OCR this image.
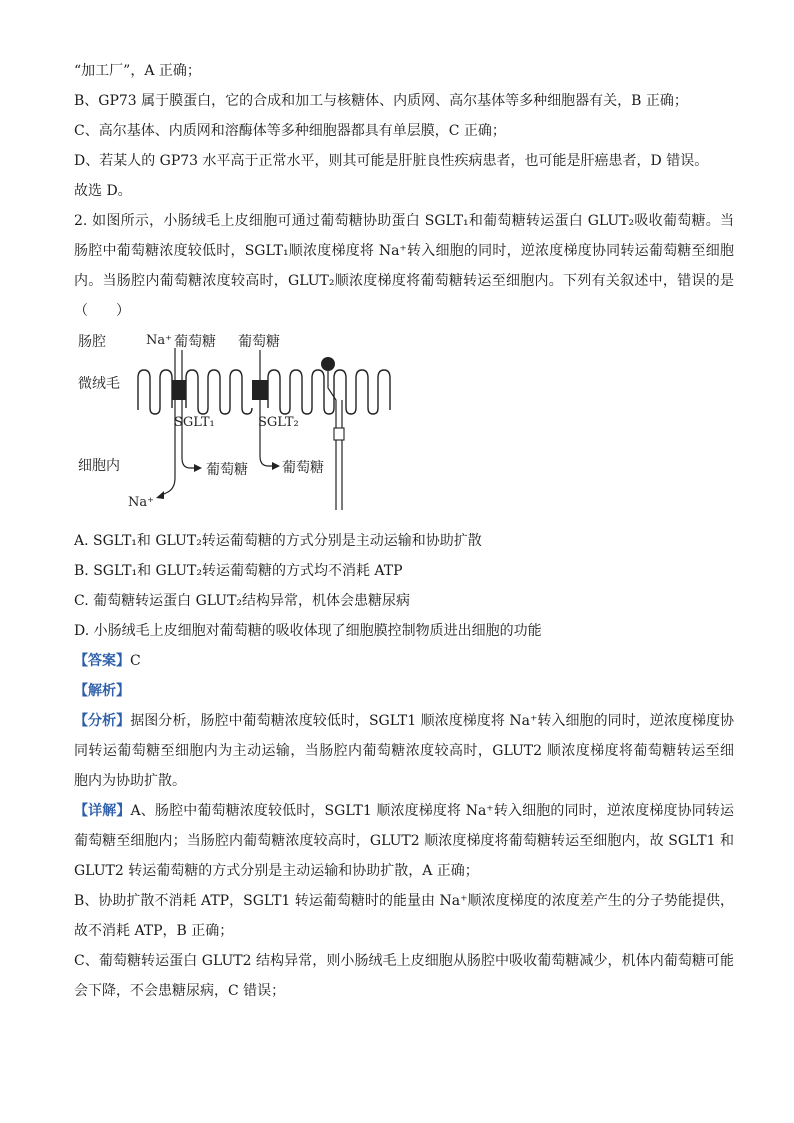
“加工厂”，A 正确；
B、GP73 属于膜蛋白，它的合成和加工与核糖体、内质网、高尔基体等多种细胞器有关，B 正确；
C、高尔基体、内质网和溶酶体等多种细胞器都具有单层膜，C 正确；
D、若某人的 GP73 水平高于正常水平，则其可能是肝脏良性疾病患者，也可能是肝癌患者，D 错误。
故选 D。
2. 如图所示，小肠绒毛上皮细胞可通过葡萄糖协助蛋白 SGLT₁和葡萄糖转运蛋白 GLUT₂吸收葡萄糖。当
肠腔中葡萄糖浓度较低时，SGLT₁顺浓度梯度将 Na⁺转入细胞的同时，逆浓度梯度协同转运葡萄糖至细胞
内。当肠腔内葡萄糖浓度较高时，GLUT₂顺浓度梯度将葡萄糖转运至细胞内。下列有关叙述中，错误的是
（　　）
肠腔
微绒毛
细胞内
Na⁺ 葡萄糖 葡萄糖
SGLT₁	SGLT₂
葡萄糖 葡萄糖
Na⁺
A. SGLT₁和 GLUT₂转运葡萄糖的方式分别是主动运输和协助扩散
B. SGLT₁和 GLUT₂转运葡萄糖的方式均不消耗 ATP
C. 葡萄糖转运蛋白 GLUT₂结构异常，机体会患糖尿病
D. 小肠绒毛上皮细胞对葡萄糖的吸收体现了细胞膜控制物质进出细胞的功能
【答案】C
【解析】
【分析】据图分析，肠腔中葡萄糖浓度较低时，SGLT1 顺浓度梯度将 Na⁺转入细胞的同时，逆浓度梯度协
同转运葡萄糖至细胞内为主动运输，当肠腔内葡萄糖浓度较高时，GLUT2 顺浓度梯度将葡萄糖转运至细
胞内为协助扩散。
【详解】A、肠腔中葡萄糖浓度较低时，SGLT1 顺浓度梯度将 Na⁺转入细胞的同时，逆浓度梯度协同转运
葡萄糖至细胞内；当肠腔内葡萄糖浓度较高时，GLUT2 顺浓度梯度将葡萄糖转运至细胞内，故 SGLT1 和
GLUT2 转运葡萄糖的方式分别是主动运输和协助扩散，A 正确；
B、协助扩散不消耗 ATP，SGLT1 转运葡萄糖时的能量由 Na⁺顺浓度梯度的浓度差产生的分子势能提供，
故不消耗 ATP，B 正确；
C、葡萄糖转运蛋白 GLUT2 结构异常，则小肠绒毛上皮细胞从肠腔中吸收葡萄糖减少，机体内葡萄糖可能
会下降，不会患糖尿病，C 错误；
